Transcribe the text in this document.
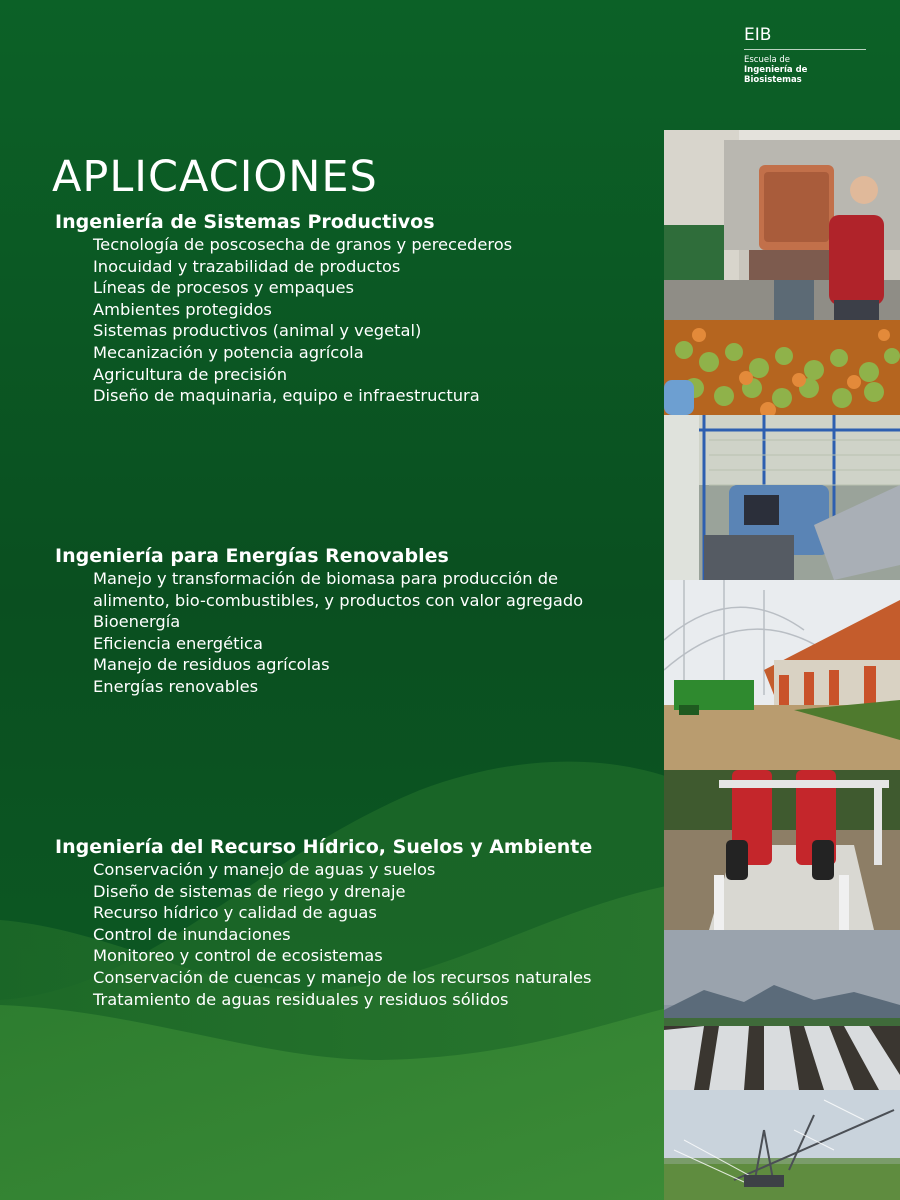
EIB
Escuela de
Ingeniería de Biosistemas
APLICACIONES
Ingeniería de Sistemas Productivos
Tecnología de poscosecha de granos y perecederos
Inocuidad y trazabilidad de productos
Líneas de procesos y empaques
Ambientes protegidos
Sistemas productivos (animal y vegetal)
Mecanización y potencia agrícola
Agricultura de precisión
Diseño de maquinaria, equipo e infraestructura
Ingeniería para Energías Renovables
Manejo y transformación de biomasa para producción de
alimento, bio-combustibles, y productos con valor agregado
Bioenergía
Eficiencia energética
Manejo de residuos agrícolas
Energías renovables
Ingeniería del Recurso Hídrico, Suelos y Ambiente
Conservación y manejo de aguas y suelos
Diseño de sistemas de riego y drenaje
Recurso hídrico y calidad de aguas
Control de inundaciones
Monitoreo y control de ecosistemas
Conservación de cuencas y manejo de los recursos naturales
Tratamiento de aguas residuales y residuos sólidos
